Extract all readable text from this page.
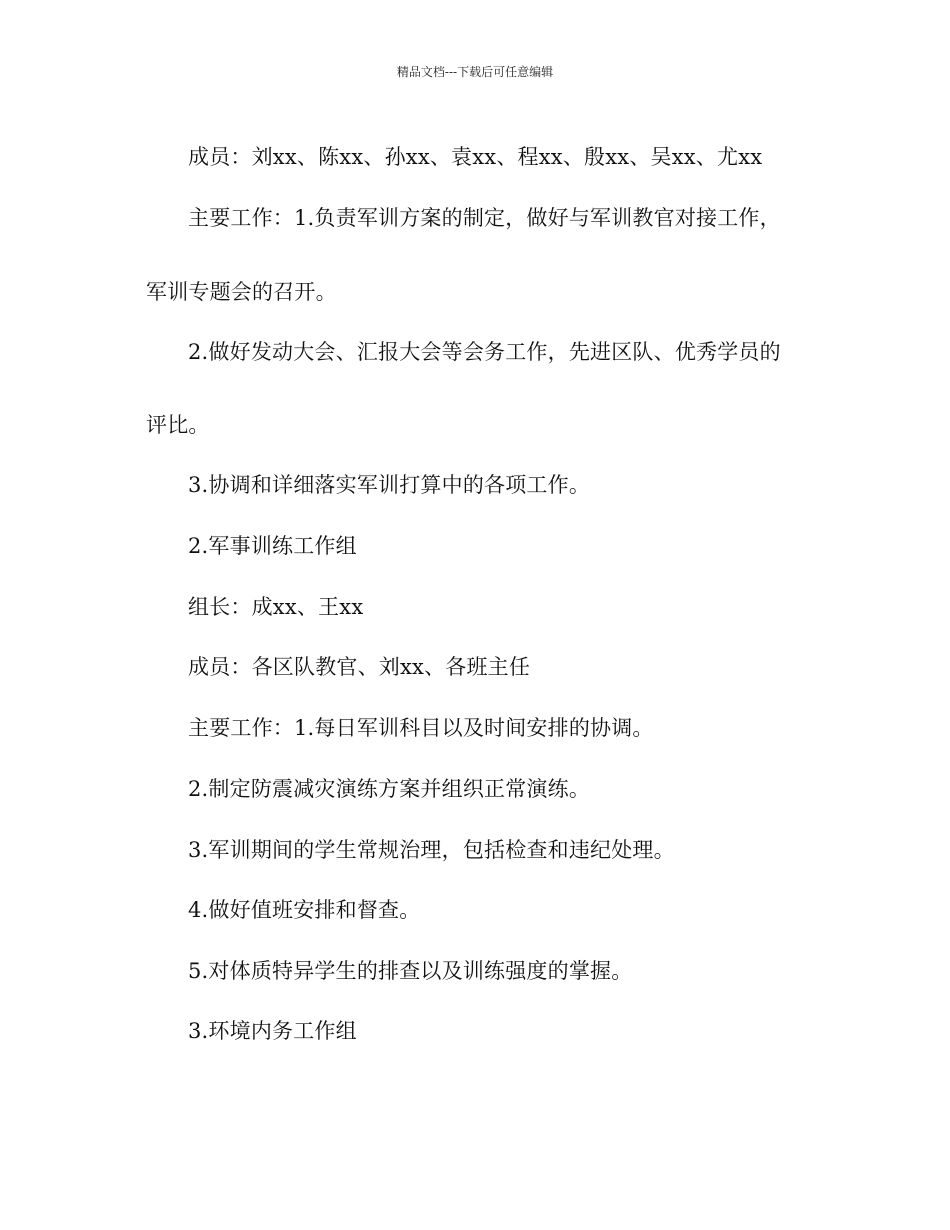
精品文档---下载后可任意编辑
成员：刘xx、陈xx、孙xx、袁xx、程xx、殷xx、吴xx、尤xx
主要工作：1.负责军训方案的制定，做好与军训教官对接工作，
军训专题会的召开。
2.做好发动大会、汇报大会等会务工作，先进区队、优秀学员的
评比。
3.协调和详细落实军训打算中的各项工作。
2.军事训练工作组
组长：成xx、王xx
成员：各区队教官、刘xx、各班主任
主要工作：1.每日军训科目以及时间安排的协调。
2.制定防震减灾演练方案并组织正常演练。
3.军训期间的学生常规治理，包括检查和违纪处理。
4.做好值班安排和督查。
5.对体质特异学生的排查以及训练强度的掌握。
3.环境内务工作组
